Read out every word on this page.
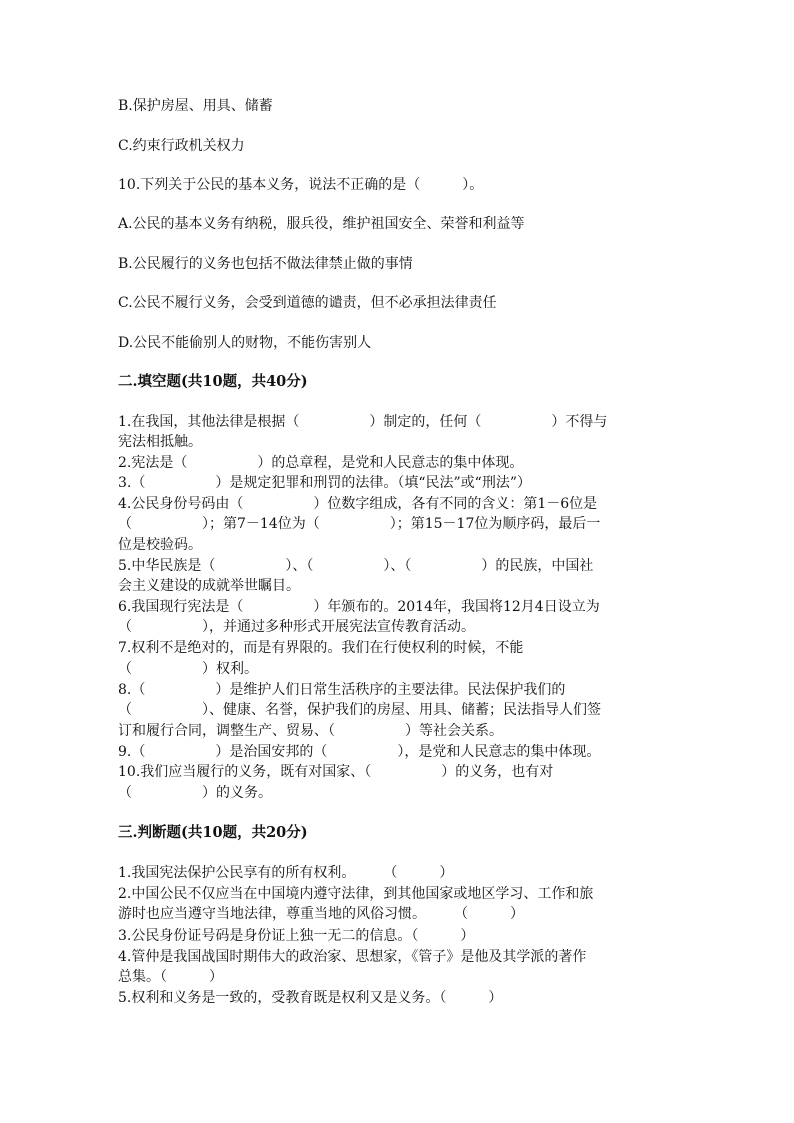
B.保护房屋、用具、储蓄
C.约束行政机关权力
10.下列关于公民的基本义务，说法不正确的是（　　　）。
A.公民的基本义务有纳税，服兵役，维护祖国安全、荣誉和利益等
B.公民履行的义务也包括不做法律禁止做的事情
C.公民不履行义务，会受到道德的谴责，但不必承担法律责任
D.公民不能偷别人的财物，不能伤害别人
二.填空题(共10题，共40分)
1.在我国，其他法律是根据（　　　　　）制定的，任何（　　　　　）不得与
宪法相抵触。
2.宪法是（　　　　　）的总章程，是党和人民意志的集中体现。
3.（　　　　　）是规定犯罪和刑罚的法律。（填“民法”或“刑法”）
4.公民身份号码由（　　　　　）位数字组成，各有不同的含义：第1－6位是
（　　　　　）；第7－14位为（　　　　　）；第15－17位为顺序码，最后一
位是校验码。
5.中华民族是（　　　　　）、（　　　　　）、（　　　　　）的民族，中国社
会主义建设的成就举世瞩目。
6.我国现行宪法是（　　　　　）年颁布的。2014年，我国将12月4日设立为
（　　　　　），并通过多种形式开展宪法宣传教育活动。
7.权利不是绝对的，而是有界限的。我们在行使权利的时候，不能
（　　　　　）权利。
8.（　　　　　）是维护人们日常生活秩序的主要法律。民法保护我们的
（　　　　　）、健康、名誉，保护我们的房屋、用具、储蓄；民法指导人们签
订和履行合同，调整生产、贸易、（　　　　　）等社会关系。
9.（　　　　　）是治国安邦的（　　　　　），是党和人民意志的集中体现。
10.我们应当履行的义务，既有对国家、（　　　　　）的义务，也有对
（　　　　　）的义务。
三.判断题(共10题，共20分)
1.我国宪法保护公民享有的所有权利。　　　（　　　）
2.中国公民不仅应当在中国境内遵守法律，到其他国家或地区学习、工作和旅
游时也应当遵守当地法律，尊重当地的风俗习惯。　　　（　　　）
3.公民身份证号码是身份证上独一无二的信息。（　　　）
4.管仲是我国战国时期伟大的政治家、思想家，《管子》是他及其学派的著作
总集。（　　　）
5.权利和义务是一致的，受教育既是权利又是义务。（　　　）
